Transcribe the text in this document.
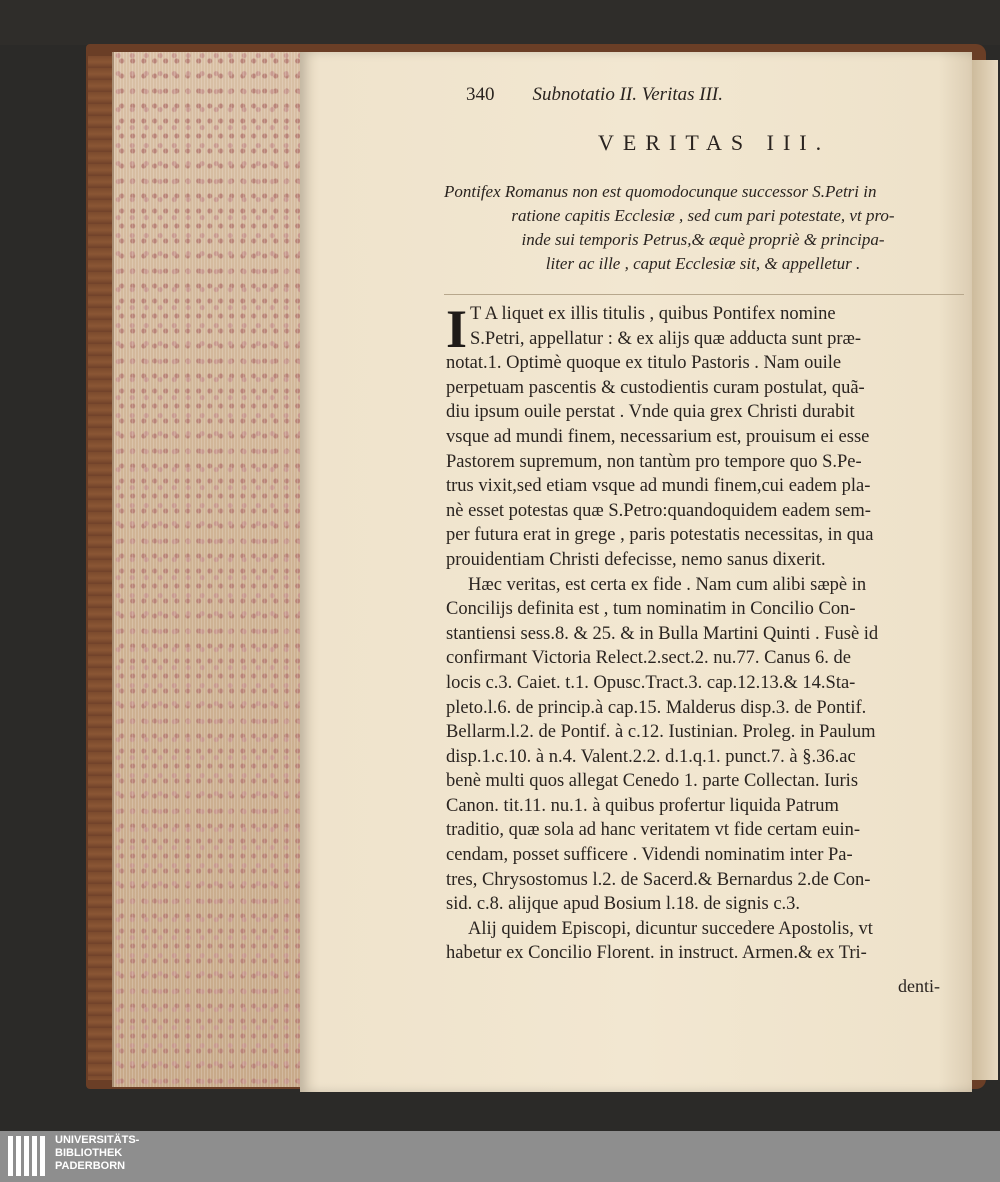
340 Subnotatio II. Veritas III.
VERITAS III.
Pontifex Romanus non est quomodocunque successor S.Petri in
ratione capitis Ecclesiæ , sed cum pari potestate, vt pro-
inde sui temporis Petrus,& æquè propriè & principa-
liter ac ille , caput Ecclesiæ sit, & appelletur .
I T A liquet ex illis titulis , quibus Pontifex nomine
S.Petri, appellatur : & ex alijs quæ adducta sunt præ-
notat.1. Optimè quoque ex titulo Pastoris . Nam ouile
perpetuam pascentis & custodientis curam postulat, quã-
diu ipsum ouile perstat . Vnde quia grex Christi durabit
vsque ad mundi finem, necessarium est, prouisum ei esse
Pastorem supremum, non tantùm pro tempore quo S.Pe-
trus vixit,sed etiam vsque ad mundi finem,cui eadem pla-
nè esset potestas quæ S.Petro:quandoquidem eadem sem-
per futura erat in grege , paris potestatis necessitas, in qua
prouidentiam Christi defecisse, nemo sanus dixerit.
Hæc veritas, est certa ex fide . Nam cum alibi sæpè in
Concilijs definita est , tum nominatim in Concilio Con-
stantiensi sess.8. & 25. & in Bulla Martini Quinti . Fusè id
confirmant Victoria Relect.2.sect.2. nu.77. Canus 6. de
locis c.3. Caiet. t.1. Opusc.Tract.3. cap.12.13.& 14.Sta-
pleto.l.6. de princip.à cap.15. Malderus disp.3. de Pontif.
Bellarm.l.2. de Pontif. à c.12. Iustinian. Proleg. in Paulum
disp.1.c.10. à n.4. Valent.2.2. d.1.q.1. punct.7. à §.36.ac
benè multi quos allegat Cenedo 1. parte Collectan. Iuris
Canon. tit.11. nu.1. à quibus profertur liquida Patrum
traditio, quæ sola ad hanc veritatem vt fide certam euin-
cendam, posset sufficere . Videndi nominatim inter Pa-
tres, Chrysostomus l.2. de Sacerd.& Bernardus 2.de Con-
sid. c.8. alijque apud Bosium l.18. de signis c.3.
Alij quidem Episcopi, dicuntur succedere Apostolis, vt
habetur ex Concilio Florent. in instruct. Armen.& ex Tri-
denti-
UNIVERSITÄTS-
BIBLIOTHEK
PADERBORN
